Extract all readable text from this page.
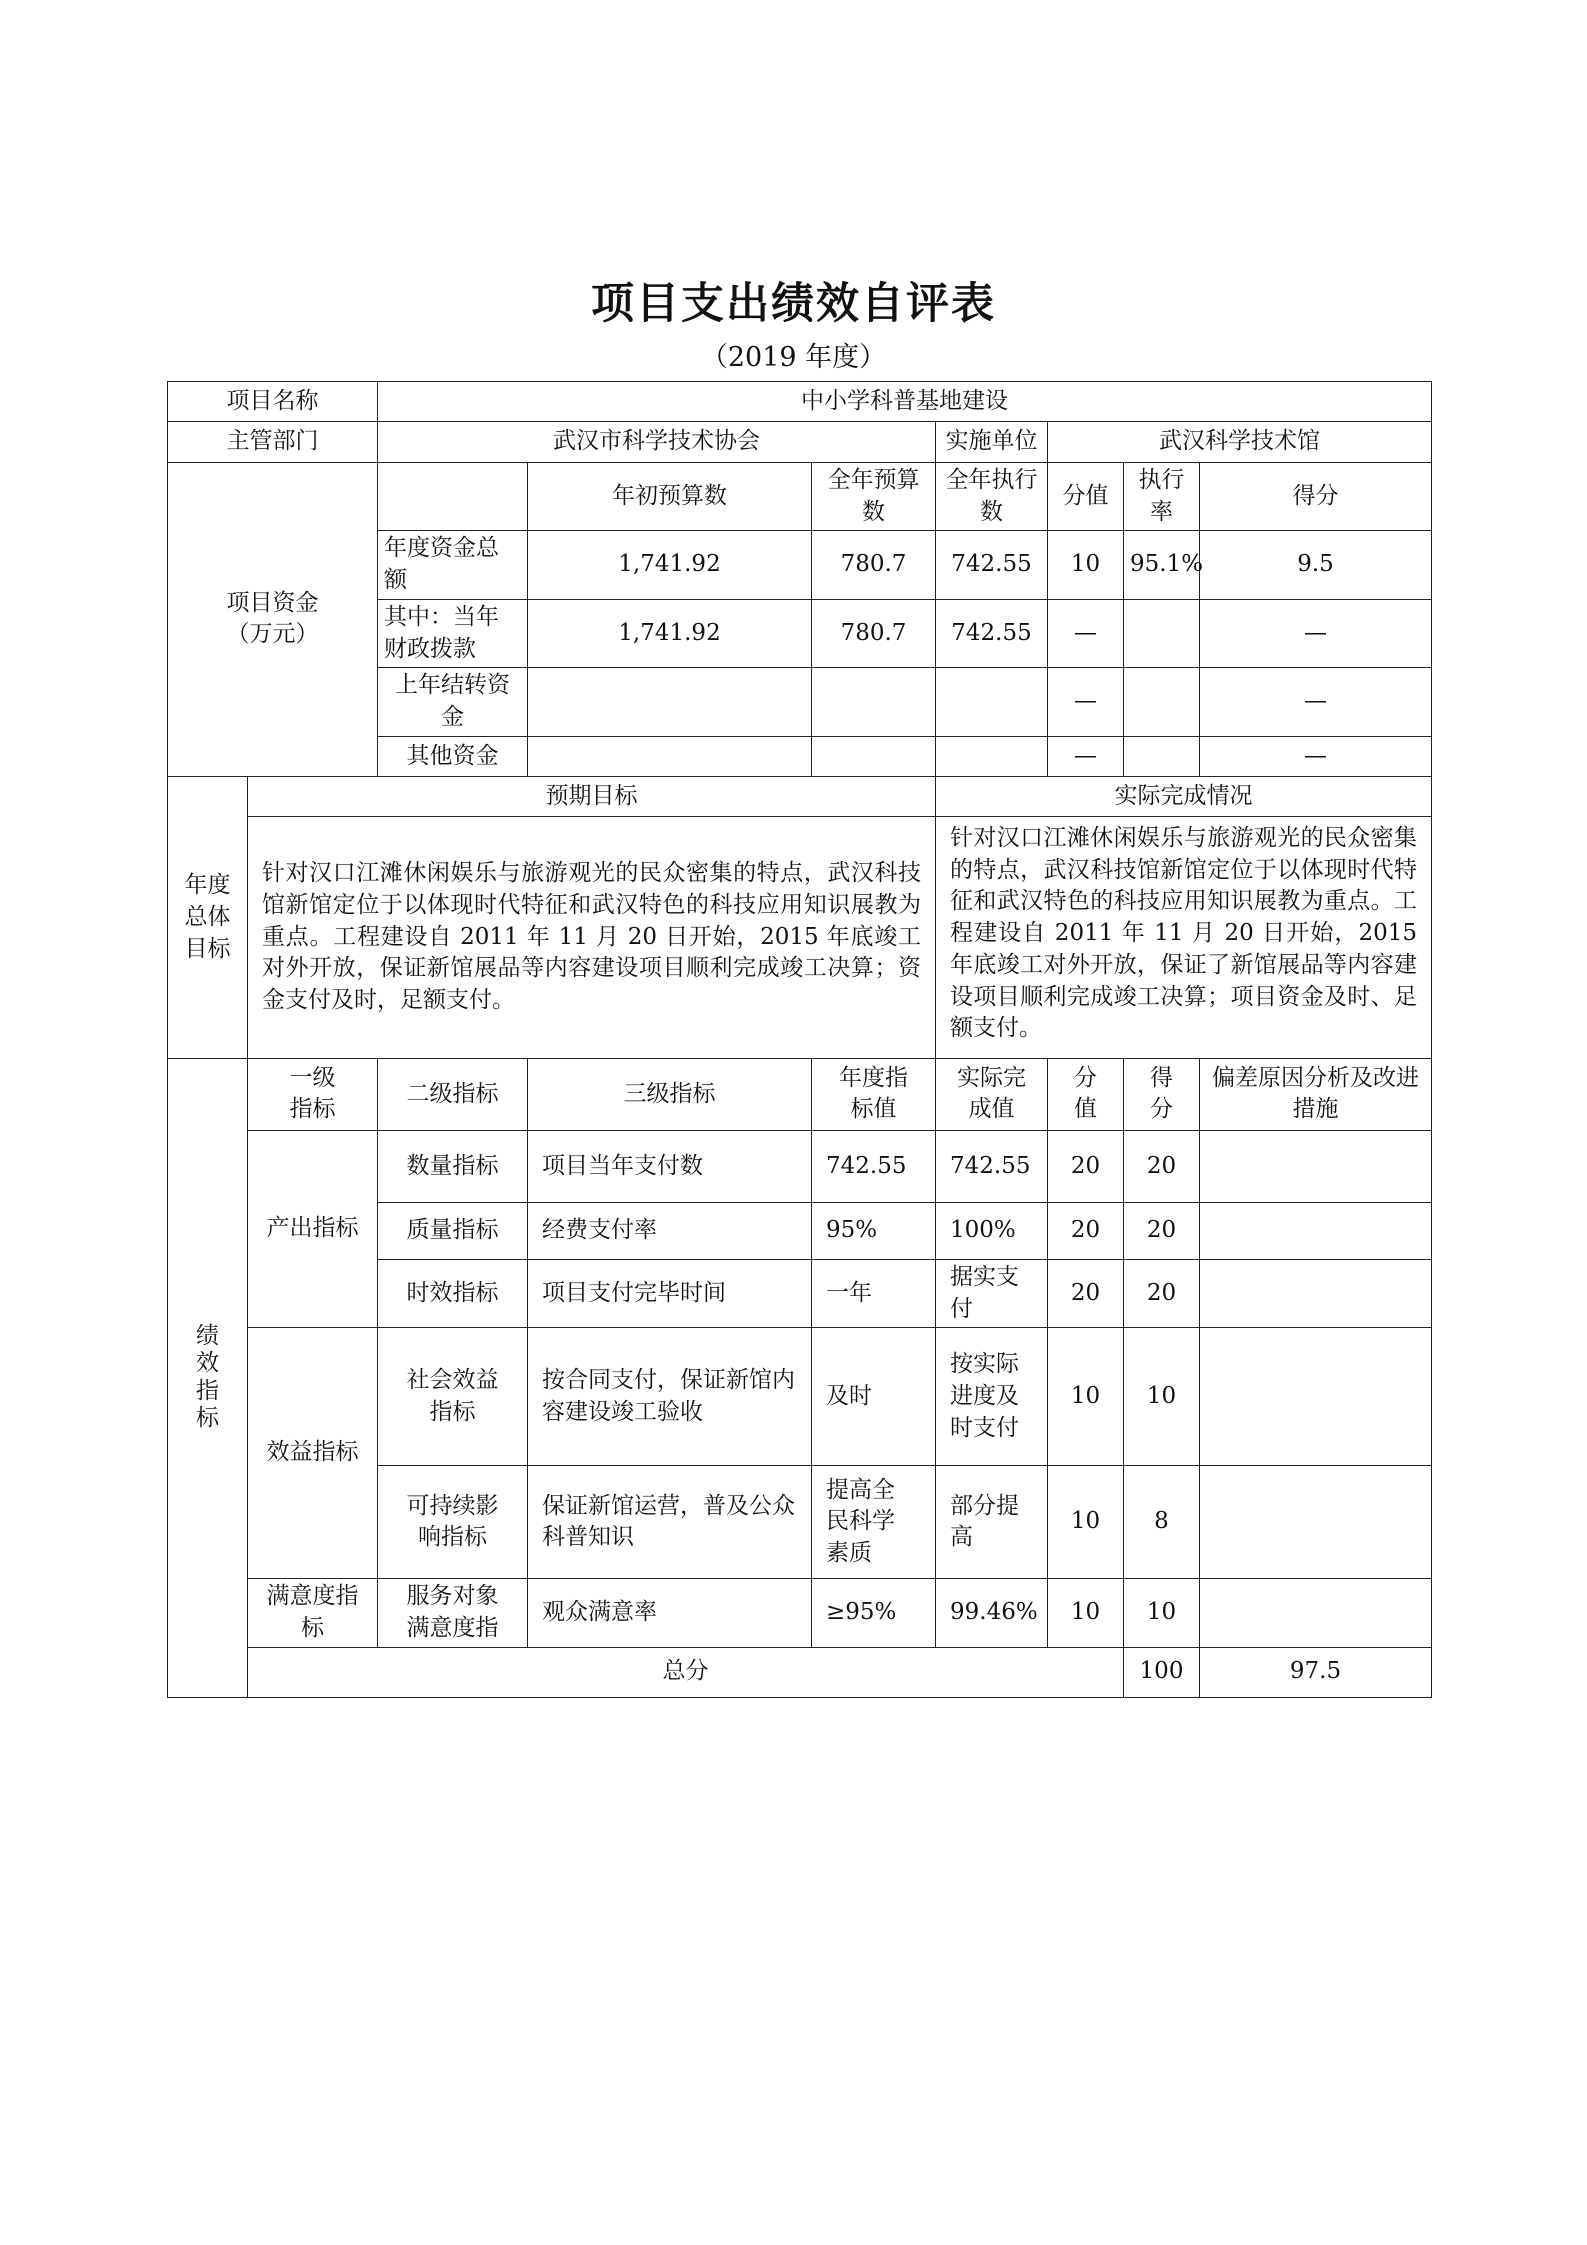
项目支出绩效自评表
（2019 年度）
项目名称		中小学科普基地建设							
主管部门		武汉市科学技术协会			实施单位	武汉科学技术馆			

项目资金
（万元）			年初预算数	全年预算数	全年执行数	分值	执行率	得分	
		年度资金总额	1,741.92	780.7	742.55	10	95.1%	9.5	
		其中：当年财政拨款	1,741.92	780.7	742.55	—		—	
		上年结转资金				—		—	
		其他资金				—		—	

年度总体目标	预期目标				实际完成情况				
	针对汉口江滩休闲娱乐与旅游观光的民众密集的特点，武汉科技馆新馆定位于以体现时代特征和武汉特色的科技应用知识展教为重点。工程建设自 2011 年 11 月 20 日开始，2015 年底竣工对外开放，保证新馆展品等内容建设项目顺利完成竣工决算；资金支付及时，足额支付。				针对汉口江滩休闲娱乐与旅游观光的民众密集的特点，武汉科技馆新馆定位于以体现时代特征和武汉特色的科技应用知识展教为重点。工程建设自 2011 年 11 月 20 日开始，2015 年底竣工对外开放，保证了新馆展品等内容建设项目顺利完成竣工决算；项目资金及时、足额支付。				

绩效指标	一级指标	二级指标	三级指标	年度指标值	实际完成值	分值	得分	偏差原因分析及改进措施	

	产出指标	数量指标	项目当年支付数	742.55	742.55	20	20		
		质量指标	经费支付率	95%	100%	20	20		
		时效指标	项目支付完毕时间	一年	据实支付	20	20		
	效益指标	社会效益指标	按合同支付，保证新馆内容建设竣工验收	及时	按实际进度及时支付	10	10		

		可持续影响指标	保证新馆运营，普及公众科普知识	提高全民科学素质	部分提高	10	8		

	满意度指标	服务对象满意度指	观众满意率	≥95%	99.46%	10	10		
	总分						100	97.5	
